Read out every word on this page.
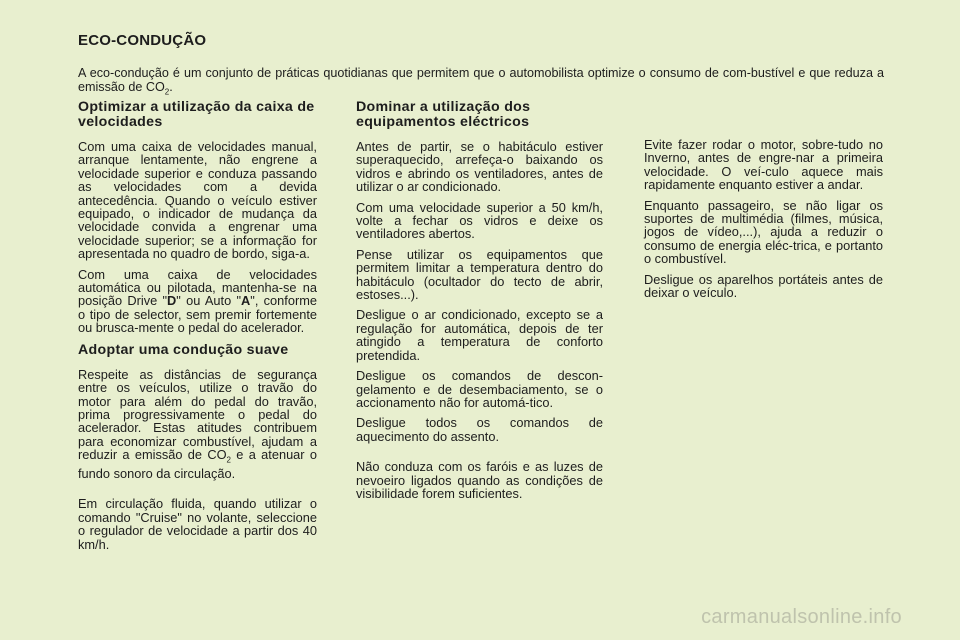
ECO-CONDUÇÃO
A eco-condução é um conjunto de práticas quotidianas que permitem que o automobilista optimize o consumo de com-bustível e que reduza a emissão de $CO_2$.
Optimizar a utilização da caixa de velocidades

Com uma caixa de velocidades manual, arranque lentamente, não engrene a velocidade superior e conduza passando as velocidades com a devida antecedência. Quando o veículo estiver equipado, o indicador de mudança da velocidade convida a engrenar uma velocidade superior; se a informação for apresentada no quadro de bordo, siga-a.

Com uma caixa de velocidades automática ou pilotada, mantenha-se na posição Drive "D" ou Auto "A", conforme o tipo de selector, sem premir fortemente ou brusca-mente o pedal do acelerador.

Adoptar uma condução suave

Respeite as distâncias de segurança entre os veículos, utilize o travão do motor para além do pedal do travão, prima progressivamente o pedal do acelerador. Estas atitudes contribuem para economizar combustível, ajudam a reduzir a emissão de $CO_2$ e a atenuar o fundo sonoro da circulação.

Em circulação fluida, quando utilizar o comando "Cruise" no volante, seleccione o regulador de velocidade a partir dos 40 km/h.

Dominar a utilização dos equipamentos eléctricos

Antes de partir, se o habitáculo estiver superaquecido, arrefeça-o baixando os vidros e abrindo os ventiladores, antes de utilizar o ar condicionado.

Com uma velocidade superior a 50 km/h, volte a fechar os vidros e deixe os ventiladores abertos.

Pense utilizar os equipamentos que permitem limitar a temperatura dentro do habitáculo (ocultador do tecto de abrir, estoses...).

Desligue o ar condicionado, excepto se a regulação for automática, depois de ter atingido a temperatura de conforto pretendida.

Desligue os comandos de descon-gelamento e de desembaciamento, se o accionamento não for automá-tico.

Desligue todos os comandos de aquecimento do assento.

Não conduza com os faróis e as luzes de nevoeiro ligados quando as condições de visibilidade forem suficientes.

Evite fazer rodar o motor, sobre-tudo no Inverno, antes de engre-nar a primeira velocidade. O veí-culo aquece mais rapidamente enquanto estiver a andar.

Enquanto passageiro, se não ligar os suportes de multimédia (filmes, música, jogos de vídeo,...), ajuda a reduzir o consumo de energia eléc-trica, e portanto o combustível.

Desligue os aparelhos portáteis antes de deixar o veículo.

carmanualsonline.info
